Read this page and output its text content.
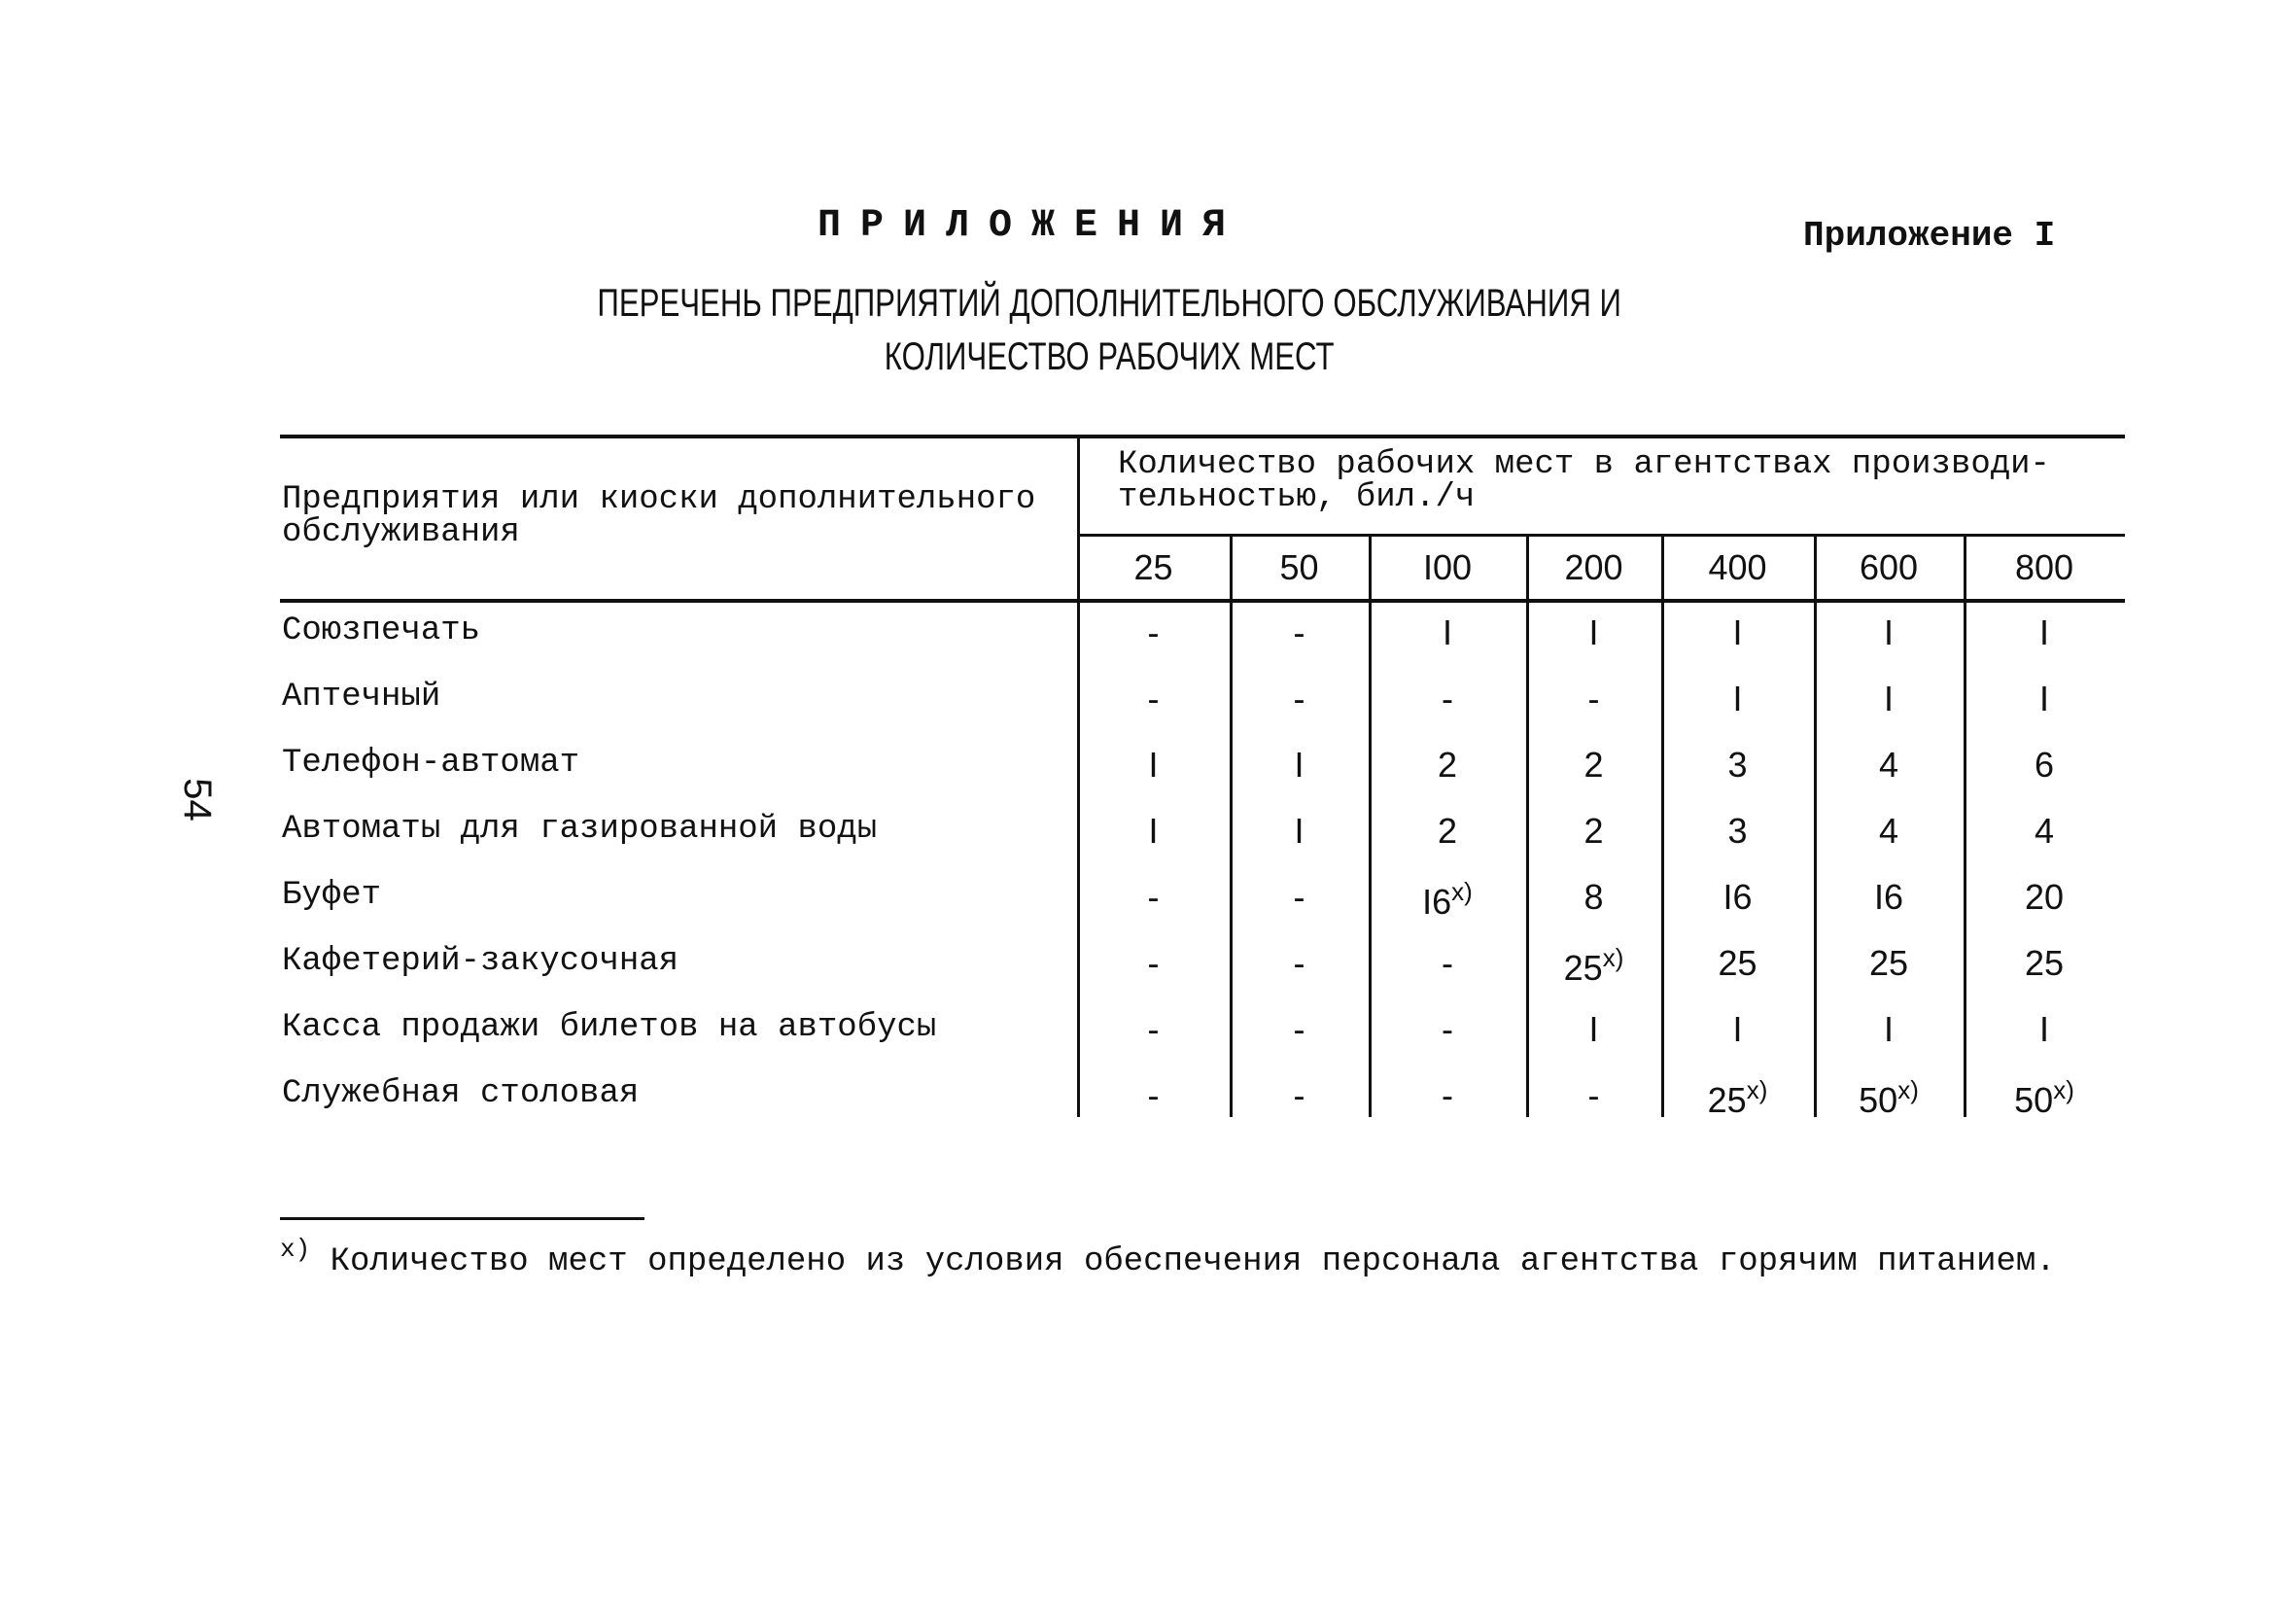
54
ПРИЛОЖЕНИЯ	Приложение I
ПЕРЕЧЕНЬ ПРЕДПРИЯТИЙ ДОПОЛНИТЕЛЬНОГО ОБСЛУЖИВАНИЯ И
КОЛИЧЕСТВО РАБОЧИХ МЕСТ
Предприятия или киоски дополнительного
обслуживания
Количество рабочих мест в агентствах производи-
тельностью, бил./ч
25	50	I00	200	400	600	800
Союзпечать	-	-	I	I	I	I	I
Аптечный	-	-	-	-	I	I	I
Телефон-автомат	I	I	2	2	3	4	6
Автоматы для газированной воды	I	I	2	2	3	4	4
Буфет	-	-	I6$^{x)}$	8	I6	I6	20
Кафетерий-закусочная	-	-	-	25$^{x)}$	25	25	25
Касса продажи билетов на автобусы	-	-	-	I	I	I	I
Служебная столовая	-	-	-	-	25$^{x)}$	50$^{x)}$	50$^{x)}$
$^{x)}$ Количество мест определено из условия обеспечения персонала агентства горячим питанием.
